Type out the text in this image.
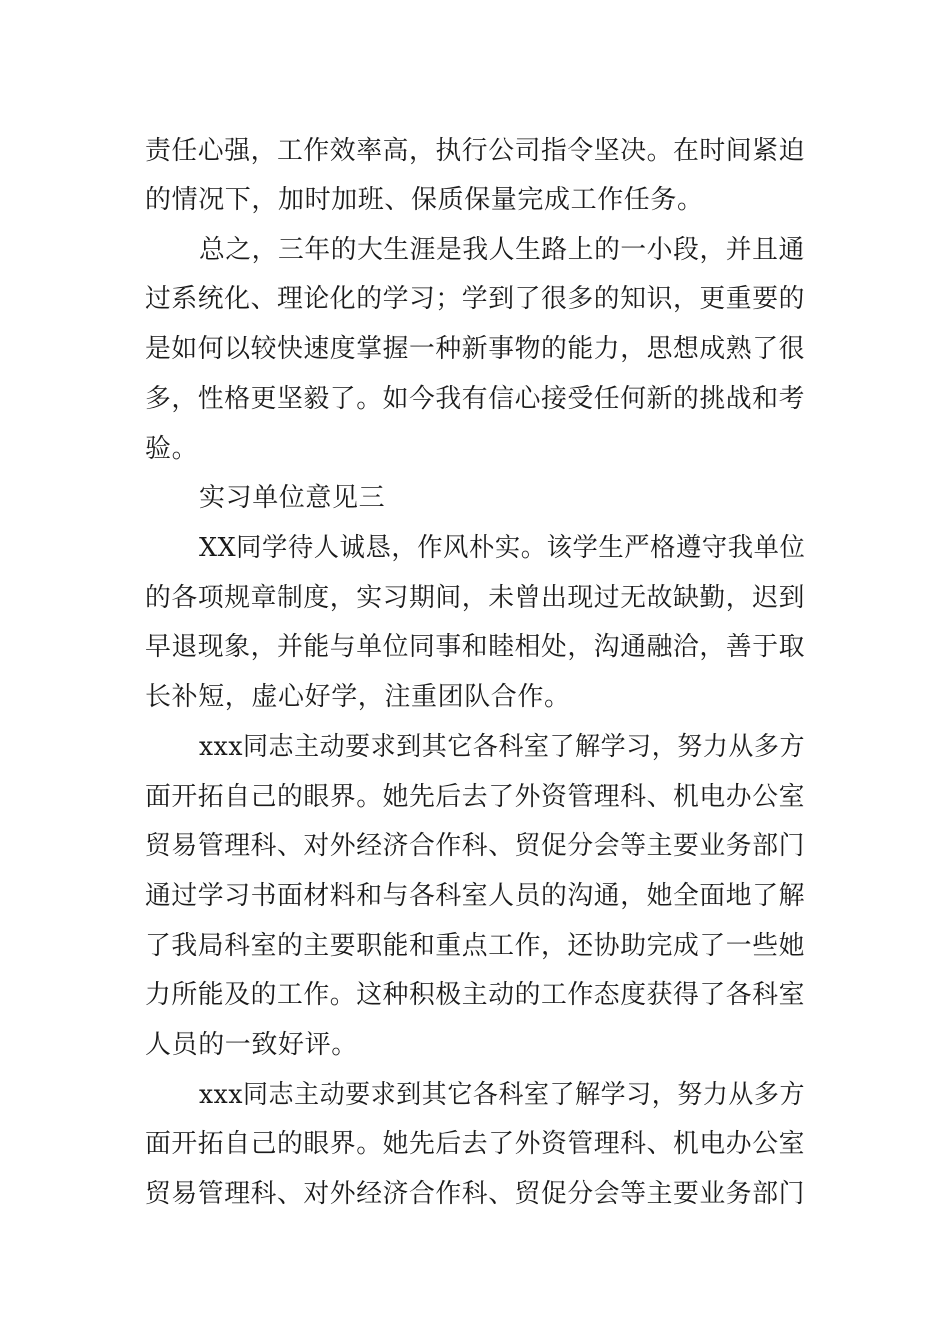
责任心强，工作效率高，执行公司指令坚决。在时间紧迫

的情况下，加时加班、保质保量完成工作任务。

总之，三年的大生涯是我人生路上的一小段，并且通

过系统化、理论化的学习；学到了很多的知识，更重要的

是如何以较快速度掌握一种新事物的能力，思想成熟了很

多，性格更坚毅了。如今我有信心接受任何新的挑战和考

验。

实习单位意见三

XX同学待人诚恳，作风朴实。该学生严格遵守我单位

的各项规章制度，实习期间，未曾出现过无故缺勤，迟到

早退现象，并能与单位同事和睦相处，沟通融洽，善于取

长补短，虚心好学，注重团队合作。

xxx同志主动要求到其它各科室了解学习，努力从多方

面开拓自己的眼界。她先后去了外资管理科、机电办公室

贸易管理科、对外经济合作科、贸促分会等主要业务部门

通过学习书面材料和与各科室人员的沟通，她全面地了解

了我局科室的主要职能和重点工作，还协助完成了一些她

力所能及的工作。这种积极主动的工作态度获得了各科室

人员的一致好评。

xxx同志主动要求到其它各科室了解学习，努力从多方

面开拓自己的眼界。她先后去了外资管理科、机电办公室

贸易管理科、对外经济合作科、贸促分会等主要业务部门
